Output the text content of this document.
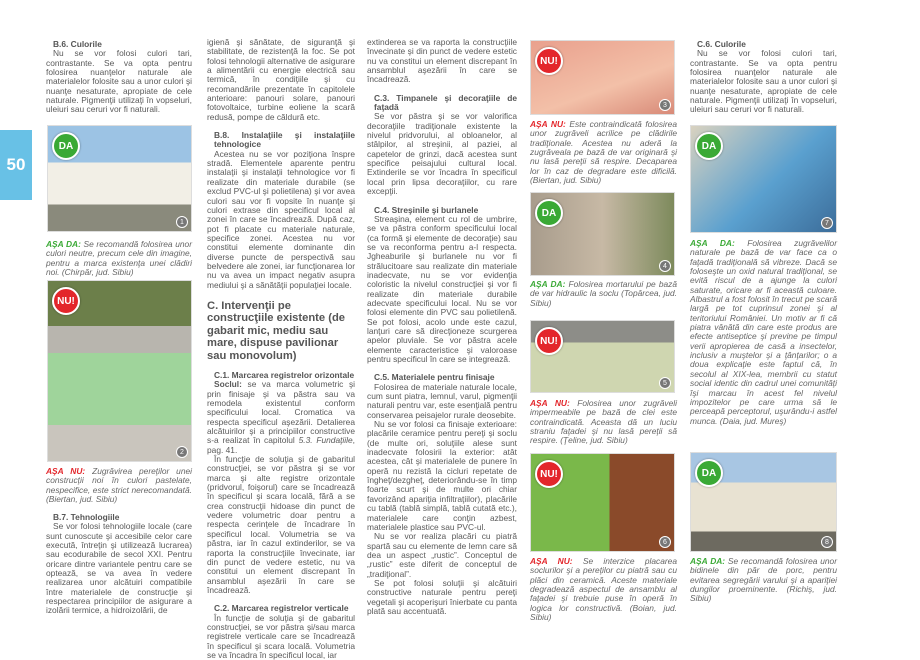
50
B.6. Culorile
Nu se vor folosi culori tari, contrastante. Se va opta pentru folosirea nuanţelor naturale ale materialelor folosite sau a unor culori şi nuanţe nesaturate, apropiate de cele naturale. Pigmenţii utilizaţi în vopseluri, uleiuri sau ceruri vor fi naturali.
DA
1
AŞA DA: Se recomandă folosirea unor culori neutre, precum cele din imagine, pentru a marca existenţa unei clădiri noi. (Chirpăr, jud. Sibiu)
NU!
2
AŞA NU: Zugrăvirea pereţilor unei construcţii noi în culori pastelate, nespecifice, este strict nerecomandată. (Biertan, jud. Sibiu)
B.7. Tehnologiile
Se vor folosi tehnologiile locale (care sunt cunoscute şi accesibile celor care execută, întreţin şi utilizează lucrarea) sau ecodurabile de secol XXI. Pentru oricare dintre variantele pentru care se optează, se va avea în vedere realizarea unor alcătuiri compatibile între materialele de construcţie şi respectarea principiilor de asigurare a izolării termice, a hidroizolării, de
igienă şi sănătate, de siguranţă şi stabilitate, de rezistenţă la foc. Se pot folosi tehnologii alternative de asigurare a alimentării cu energie electrică sau termică, în condiţiile şi cu recomandările prezentate în capitolele anterioare: panouri solare, panouri fotovoltaice, turbine eoliene la scară redusă, pompe de căldură etc.
B.8. Instalaţiile şi instalaţiile tehnologice
Acestea nu se vor poziţiona înspre stradă. Elementele aparente pentru instalaţii şi instalaţii tehnologice vor fi realizate din materiale durabile (se exclud PVC-ul şi polietilena) şi vor avea culori sau vor fi vopsite în nuanţe şi culori extrase din specificul local al zonei în care se încadrează. După caz, pot fi placate cu materiale naturale, specifice zonei. Acestea nu vor constitui elemente dominante din diverse puncte de perspectivă sau belvedere ale zonei, iar funcţionarea lor nu va avea un impact negativ asupra mediului şi a sănătăţii populaţiei locale.
C. Intervenţii pe construcţiile existente (de gabarit mic, mediu sau mare, dispuse pavilionar sau monovolum)
C.1. Marcarea registrelor orizontale
Soclul: se va marca volumetric şi prin finisaje şi va păstra sau va remodela existentul conform specificului local. Cromatica va respecta specificul aşezării. Detalierea alcătuirilor şi a principiilor constructive s-a realizat în capitolul 5.3. Fundaţiile, pag. 41.
În funcţie de soluţia şi de gabaritul construcţiei, se vor păstra şi se vor marca şi alte registre orizontale (pridvorul, foişorul) care se încadrează în specificul şi scara locală, fără a se crea construcţii hidoase din punct de vedere volumetric doar pentru a respecta cerinţele de încadrare în specificul local. Volumetria se va păstra, iar în cazul extinderilor, se va raporta la construcţiile învecinate, iar din punct de vedere estetic, nu va constitui un element discrepant în ansamblul aşezării în care se încadrează.
C.2. Marcarea registrelor verticale
În funcţie de soluţia şi de gabaritul construcţiei, se vor păstra şi/sau marca registrele verticale care se încadrează în specificul şi scara locală. Volumetria se va încadra în specificul local, iar
extinderea se va raporta la construcţiile învecinate şi din punct de vedere estetic nu va constitui un element discrepant în ansamblul aşezării în care se încadrează.
C.3. Timpanele şi decoraţiile de faţadă
Se vor păstra şi se vor valorifica decoraţiile tradiţionale existente la nivelul pridvorului, al obloanelor, al stâlpilor, al streşinii, al paziei, al capetelor de grinzi, dacă acestea sunt specifice peisajului cultural local. Extinderile se vor încadra în specificul local prin lipsa decoraţiilor, cu rare excepţii.
C.4. Streşinile şi burlanele
Streaşina, element cu rol de umbrire, se va păstra conform specificului local (ca formă şi elemente de decoraţie) sau se va reconforma pentru a-l respecta. Jgheaburile şi burlanele nu vor fi strălucitoare sau realizate din materiale inadecvate, nu se vor evidenţia coloristic la nivelul construcţiei şi vor fi realizate din materiale durabile adecvate specificului local. Nu se vor folosi elemente din PVC sau polietilenă. Se pot folosi, acolo unde este cazul, lanţuri care să direcţioneze scurgerea apelor pluviale. Se vor păstra acele elemente caracteristice şi valoroase pentru specificul în care se integrează.
C.5. Materialele pentru finisaje
Folosirea de materiale naturale locale, cum sunt piatra, lemnul, varul, pigmenţii naturali pentru var, este esenţială pentru conservarea peisajelor rurale deosebite.
Nu se vor folosi ca finisaje exterioare: placările ceramice pentru pereţi şi soclu (de multe ori, soluţiile alese sunt inadecvate folosirii la exterior: atât acestea, cât şi materialele de punere în operă nu rezistă la cicluri repetate de îngheţ/dezgheţ, deteriorându-se în timp foarte scurt şi de multe ori chiar favorizând apariţia infiltraţiilor), placările cu tablă (tablă simplă, tablă cutată etc.), materialele care conţin azbest, materialele plastice sau PVC-ul.
Nu se vor realiza placări cu piatră spartă sau cu elemente de lemn care să dea un aspect „rustic”. Conceptul de „rustic” este diferit de conceptul de „tradiţional”.
Se pot folosi soluţii şi alcătuiri constructive naturale pentru pereţi vegetali şi acoperişuri înierbate cu panta plată sau accentuată.
NU!
3
AŞA NU: Este contraindicată folosirea unor zugrăveli acrilice pe clădirile tradiţionale. Acestea nu aderă la zugrăveala pe bază de var originară şi nu lasă pereţii să respire. Decaparea lor în caz de degradare este dificilă. (Biertan, jud. Sibiu)
DA
4
AŞA DA: Folosirea mortarului pe bază de var hidraulic la soclu (Topârcea, jud. Sibiu)
NU!
5
AŞA NU: Folosirea unor zugrăveli impermeabile pe bază de clei este contraindicată. Aceasta dă un luciu straniu faţadei şi nu lasă pereţii să respire. (Ţeline, jud. Sibiu)
NU!
6
AŞA NU: Se interzice placarea soclurilor şi a pereţilor cu piatră sau cu plăci din ceramică. Aceste materiale degradează aspectul de ansamblu al faţadei şi trebuie puse în operă în logica lor constructivă. (Boian, jud. Sibiu)
C.6. Culorile
Nu se vor folosi culori tari, contrastante. Se va opta pentru folosirea nuanţelor naturale ale materialelor folosite sau a unor culori şi nuanţe nesaturate, apropiate de cele naturale. Pigmenţii utilizaţi în vopseluri, uleiuri sau ceruri vor fi naturali.
DA
7
AŞA DA: Folosirea zugrăvelilor naturale pe bază de var face ca o faţadă tradiţională să vibreze. Dacă se foloseşte un oxid natural tradiţional, se evită riscul de a ajunge la culori saturate, oricare ar fi această culoare. Albastrul a fost folosit în trecut pe scară largă pe tot cuprinsul zonei şi al teritoriului României. Un motiv ar fi că piatra vânătă din care este produs are efecte antiseptice şi previne pe timpul verii apropierea de casă a insectelor, inclusiv a muştelor şi a ţânţarilor; o a doua explicaţie este faptul că, în secolul al XIX-lea, membrii cu statut social identic din cadrul unei comunităţi îşi marcau în acest fel nivelul impozitelor pe care urma să le perceapă perceptorul, uşurându-i astfel munca. (Daia, jud. Mureş)
DA
8
AŞA DA: Se recomandă folosirea unor bidinele din păr de porc, pentru evitarea segregării varului şi a apariţiei dungilor proeminente. (Richiş, jud. Sibiu)
